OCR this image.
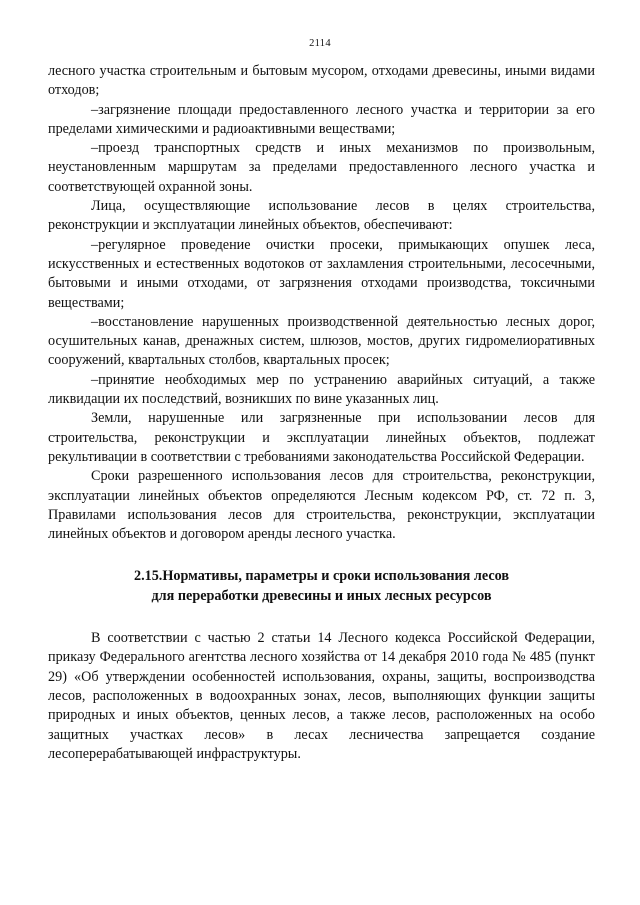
2114

лесного участка строительным и бытовым мусором, отходами древесины, иными видами отходов;

–загрязнение площади предоставленного лесного участка и территории за его пределами химическими и радиоактивными веществами;

–проезд транспортных средств и иных механизмов по произвольным, неустановленным маршрутам за пределами предоставленного лесного участка и соответствующей охранной зоны.

Лица, осуществляющие использование лесов в целях строительства, реконструкции и эксплуатации линейных объектов, обеспечивают:

–регулярное проведение очистки просеки, примыкающих опушек леса, искусственных и естественных водотоков от захламления строительными, лесосечными, бытовыми и иными отходами, от загрязнения отходами производства, токсичными веществами;

–восстановление нарушенных производственной деятельностью лесных дорог, осушительных канав, дренажных систем, шлюзов, мостов, других гидромелиоративных сооружений, квартальных столбов, квартальных просек;

–принятие необходимых мер по устранению аварийных ситуаций, а также ликвидации их последствий, возникших по вине указанных лиц.

Земли, нарушенные или загрязненные при использовании лесов для строительства, реконструкции и эксплуатации линейных объектов, подлежат рекультивации в соответствии с требованиями законодательства Российской Федерации.

Сроки разрешенного использования лесов для строительства, реконструкции, эксплуатации линейных объектов определяются Лесным кодексом РФ, ст. 72 п. 3, Правилами использования лесов для строительства, реконструкции, эксплуатации линейных объектов и договором аренды лесного участка.

2.15.Нормативы, параметры и сроки использования лесов
для переработки древесины и иных лесных ресурсов

В соответствии с частью 2 статьи 14 Лесного кодекса Российской Федерации, приказу Федерального агентства лесного хозяйства от 14 декабря 2010 года № 485 (пункт 29) «Об утверждении особенностей использования, охраны, защиты, воспроизводства лесов, расположенных в водоохранных зонах, лесов, выполняющих функции защиты природных и иных объектов, ценных лесов, а также лесов, расположенных на особо защитных участках лесов» в лесах лесничества запрещается создание лесоперерабатывающей инфраструктуры.
